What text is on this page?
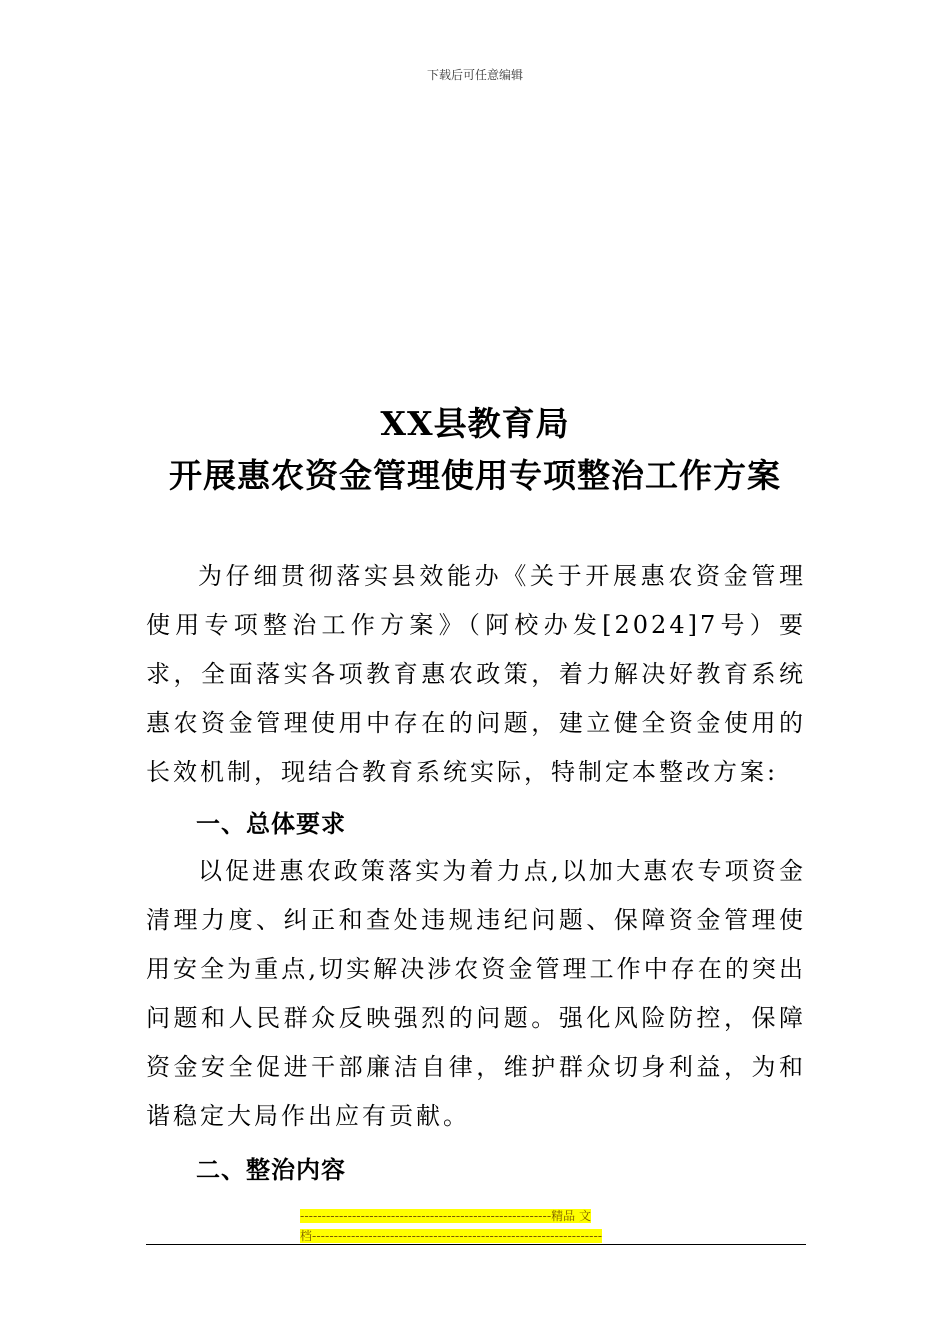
下载后可任意编辑
XX县教育局
开展惠农资金管理使用专项整治工作方案
为仔细贯彻落实县效能办《关于开展惠农资金管理使用专项整治工作方案》（阿校办发[2024]7号）要求，全面落实各项教育惠农政策，着力解决好教育系统惠农资金管理使用中存在的问题，建立健全资金使用的长效机制，现结合教育系统实际，特制定本整改方案:
一、总体要求
以促进惠农政策落实为着力点,以加大惠农专项资金清理力度、纠正和查处违规违纪问题、保障资金管理使用安全为重点,切实解决涉农资金管理工作中存在的突出问题和人民群众反映强烈的问题。强化风险防控，保障资金安全促进干部廉洁自律，维护群众切身利益，为和谐稳定大局作出应有贡献。
二、整治内容
----------------------------------------------------------精品 文
档-------------------------------------------------------------------
